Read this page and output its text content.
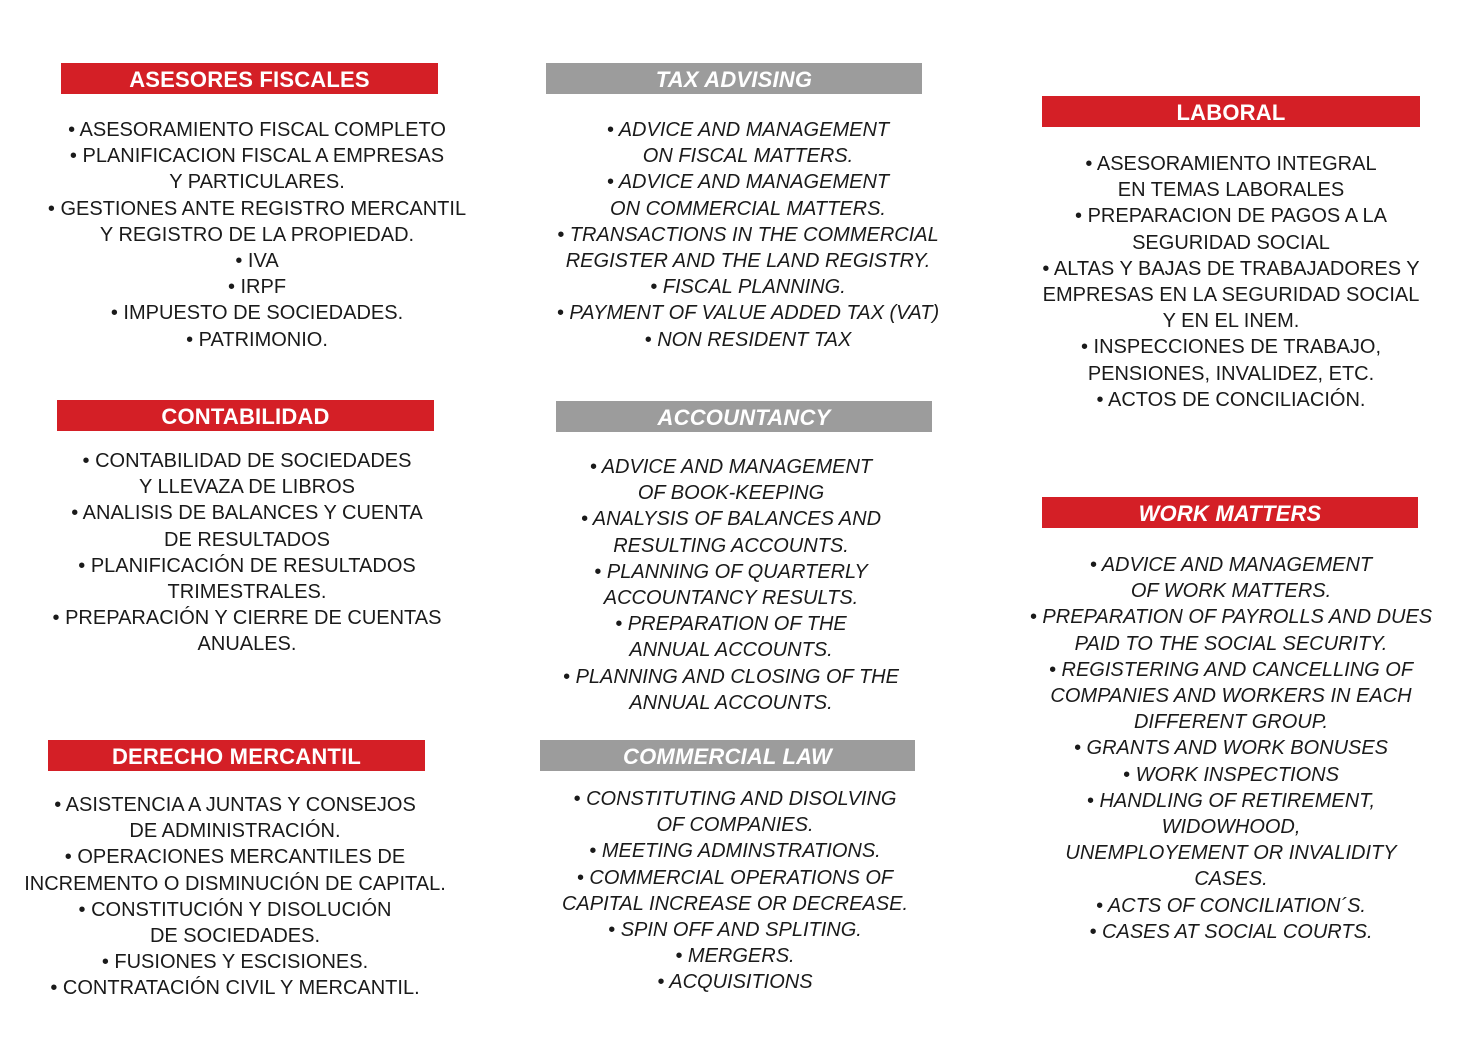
ASESORES FISCALES
• ASESORAMIENTO FISCAL COMPLETO
• PLANIFICACION FISCAL A EMPRESAS
Y PARTICULARES.
• GESTIONES ANTE REGISTRO MERCANTIL
Y REGISTRO DE LA PROPIEDAD.
• IVA
• IRPF
• IMPUESTO DE SOCIEDADES.
• PATRIMONIO.
TAX ADVISING
• ADVICE AND MANAGEMENT
ON FISCAL MATTERS.
• ADVICE AND MANAGEMENT
ON COMMERCIAL MATTERS.
• TRANSACTIONS IN THE COMMERCIAL
REGISTER AND THE LAND REGISTRY.
• FISCAL PLANNING.
• PAYMENT OF VALUE ADDED TAX (VAT)
• NON RESIDENT TAX
LABORAL
• ASESORAMIENTO INTEGRAL
EN TEMAS LABORALES
• PREPARACION DE PAGOS A LA
SEGURIDAD SOCIAL
• ALTAS Y BAJAS DE TRABAJADORES Y
EMPRESAS EN LA SEGURIDAD SOCIAL
Y EN EL INEM.
• INSPECCIONES DE TRABAJO,
PENSIONES, INVALIDEZ, ETC.
• ACTOS DE CONCILIACIÓN.
CONTABILIDAD
• CONTABILIDAD DE SOCIEDADES
Y LLEVAZA DE LIBROS
• ANALISIS DE BALANCES Y CUENTA
DE RESULTADOS
• PLANIFICACIÓN DE RESULTADOS
TRIMESTRALES.
• PREPARACIÓN Y CIERRE DE CUENTAS
ANUALES.
ACCOUNTANCY
• ADVICE AND MANAGEMENT
OF BOOK-KEEPING
• ANALYSIS OF BALANCES AND
RESULTING ACCOUNTS.
• PLANNING OF QUARTERLY
ACCOUNTANCY RESULTS.
• PREPARATION OF THE
ANNUAL ACCOUNTS.
• PLANNING AND CLOSING OF THE
ANNUAL ACCOUNTS.
WORK MATTERS
• ADVICE AND MANAGEMENT
OF WORK MATTERS.
• PREPARATION OF PAYROLLS AND DUES
PAID TO THE SOCIAL SECURITY.
• REGISTERING AND CANCELLING OF
COMPANIES AND WORKERS IN EACH
DIFFERENT GROUP.
• GRANTS AND WORK BONUSES
• WORK INSPECTIONS
• HANDLING OF RETIREMENT,
WIDOWHOOD,
UNEMPLOYEMENT OR INVALIDITY
CASES.
• ACTS OF CONCILIATION´S.
• CASES AT SOCIAL COURTS.
DERECHO MERCANTIL
• ASISTENCIA A JUNTAS Y CONSEJOS
DE ADMINISTRACIÓN.
• OPERACIONES MERCANTILES DE
INCREMENTO O DISMINUCIÓN DE CAPITAL.
• CONSTITUCIÓN Y DISOLUCIÓN
DE SOCIEDADES.
• FUSIONES Y ESCISIONES.
• CONTRATACIÓN CIVIL Y MERCANTIL.
COMMERCIAL LAW
• CONSTITUTING AND DISOLVING
OF COMPANIES.
• MEETING ADMINSTRATIONS.
• COMMERCIAL OPERATIONS OF
CAPITAL INCREASE OR DECREASE.
• SPIN OFF AND SPLITING.
• MERGERS.
• ACQUISITIONS
